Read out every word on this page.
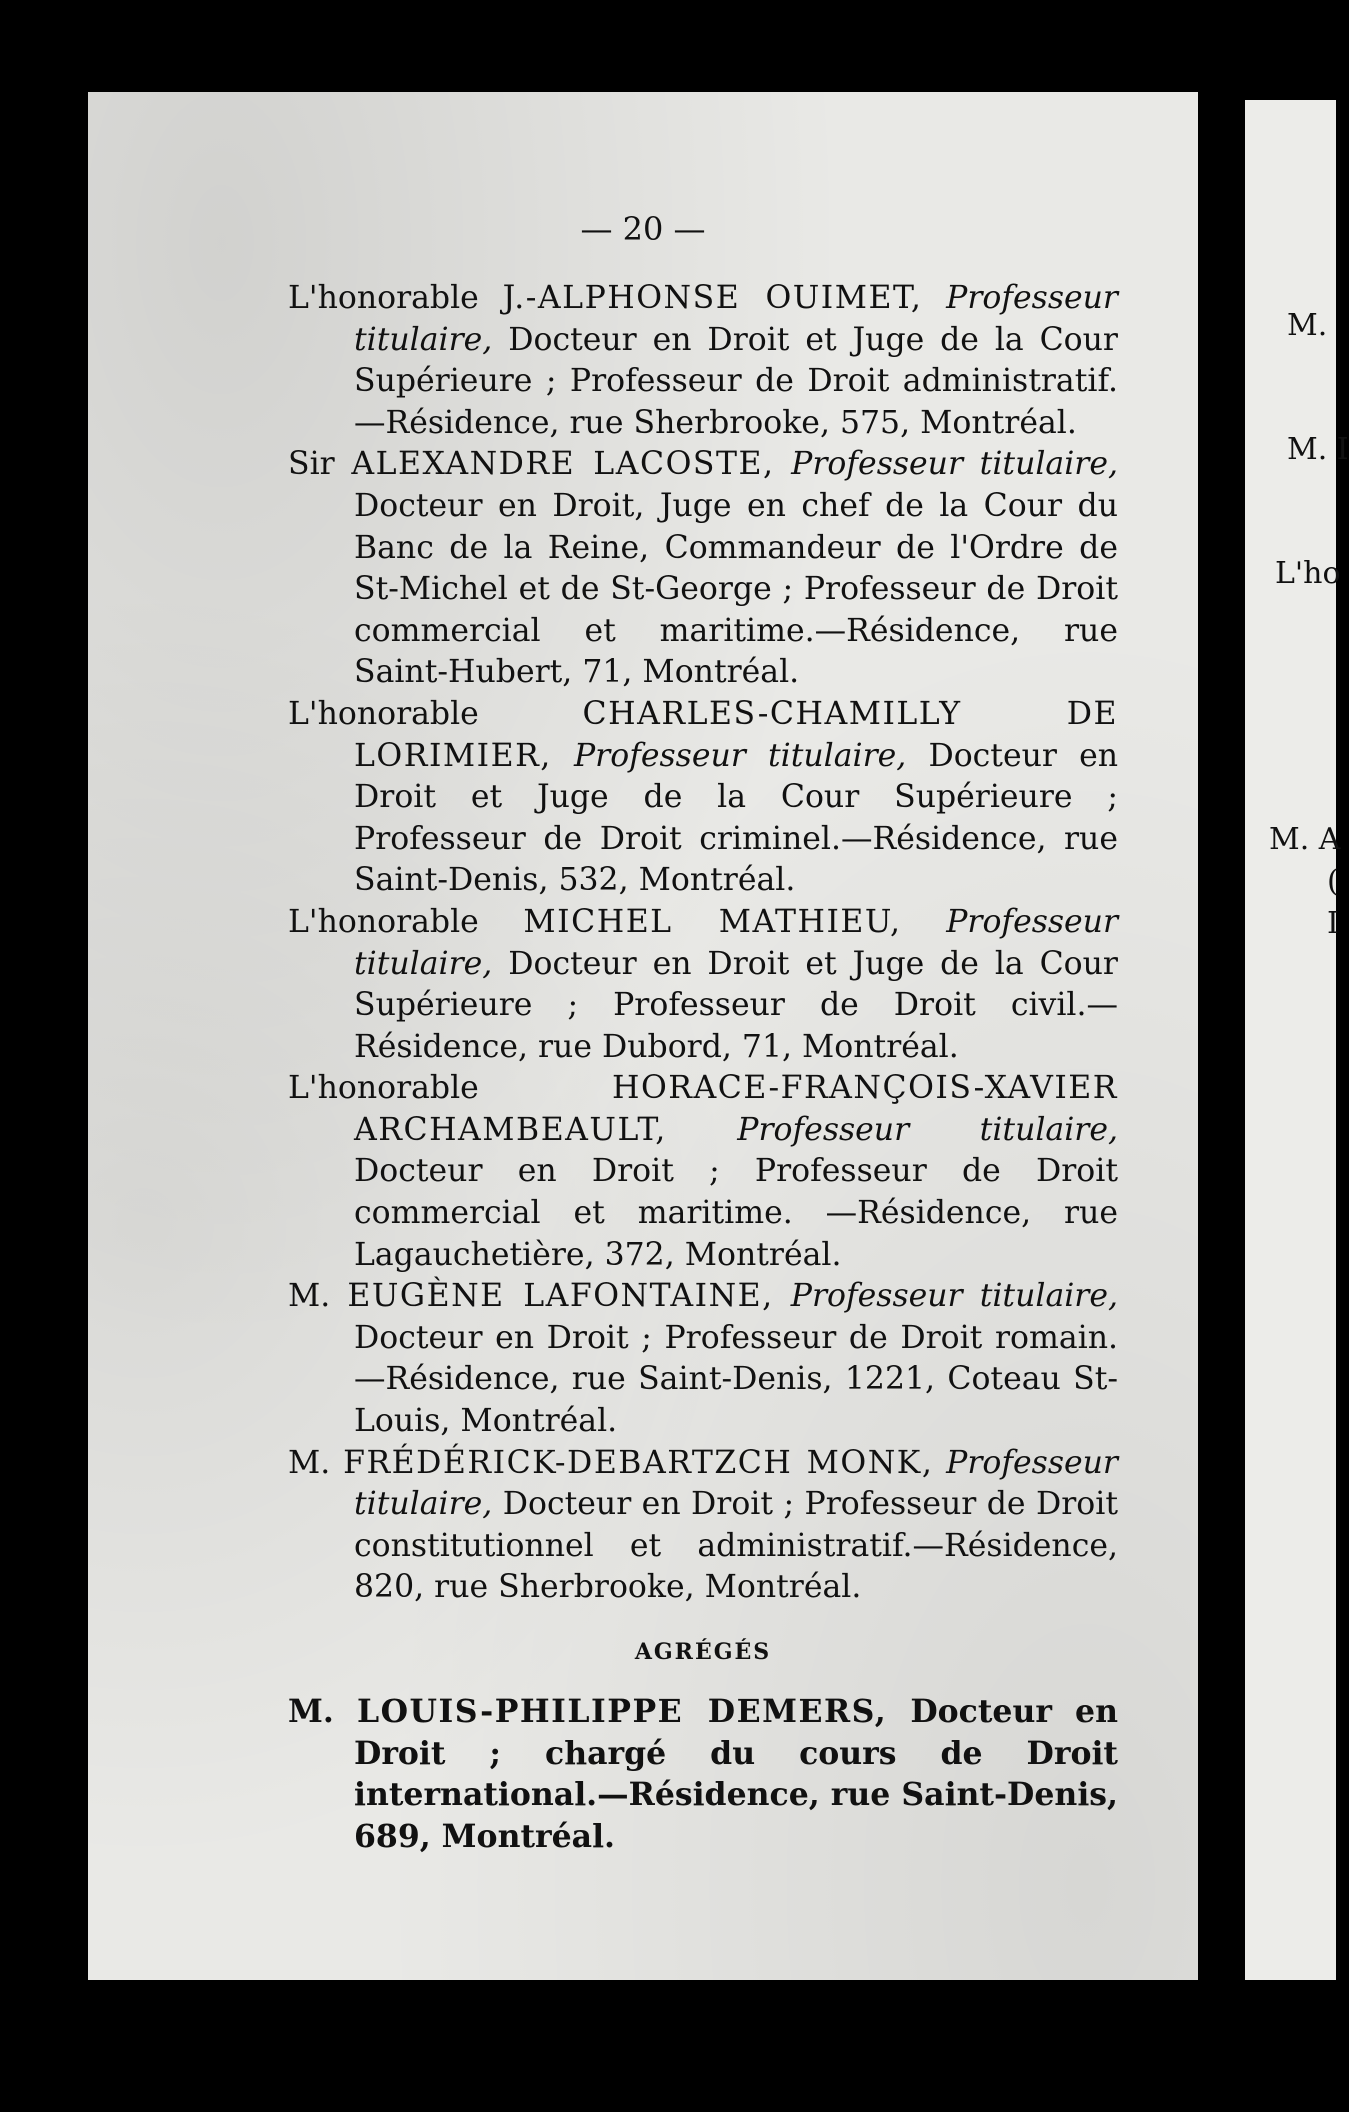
— 20 —

L'honorable J.-ALPHONSE OUIMET, Professeur titulaire, Docteur en Droit et Juge de la Cour Supérieure ; Professeur de Droit administratif.—Résidence, rue Sherbrooke, 575, Montréal.

Sir ALEXANDRE LACOSTE, Professeur titulaire, Docteur en Droit, Juge en chef de la Cour du Banc de la Reine, Commandeur de l'Ordre de St-Michel et de St-George ; Professeur de Droit commercial et maritime.—Résidence, rue Saint-Hubert, 71, Montréal.

L'honorable	CHARLES-CHAMILLY DE LORIMIER, Professeur titulaire, Docteur en Droit et Juge de la Cour Supérieure ; Professeur de Droit criminel.—Résidence, rue Saint-Denis, 532, Montréal.

L'honorable MICHEL MATHIEU, Professeur titulaire, Docteur en Droit et Juge de la Cour Supérieure ; Professeur de Droit civil.—Résidence, rue Dubord, 71, Montréal.

L'honorable	HORACE-FRANÇOIS-XAVIER ARCHAMBEAULT, Professeur titulaire, Docteur en Droit ; Professeur de Droit commercial et maritime. —Résidence, rue Lagauchetière, 372, Montréal.

M. EUGÈNE LAFONTAINE, Professeur titulaire, Docteur en Droit ; Professeur de Droit romain.—Résidence, rue Saint-Denis, 1221, Coteau St-Louis, Montréal.

M. FRÉDÉRICK-DEBARTZCH MONK, Professeur titulaire, Docteur en Droit ; Professeur de Droit constitutionnel et administratif.—Résidence, 820, rue Sherbrooke, Montréal.

AGRÉGÉS

M. LOUIS-PHILIPPE DEMERS, Docteur en Droit ; chargé du cours de Droit international.—Résidence, rue Saint-Denis, 689, Montréal.

M.
M. I
L'ho
M. A
(
I
